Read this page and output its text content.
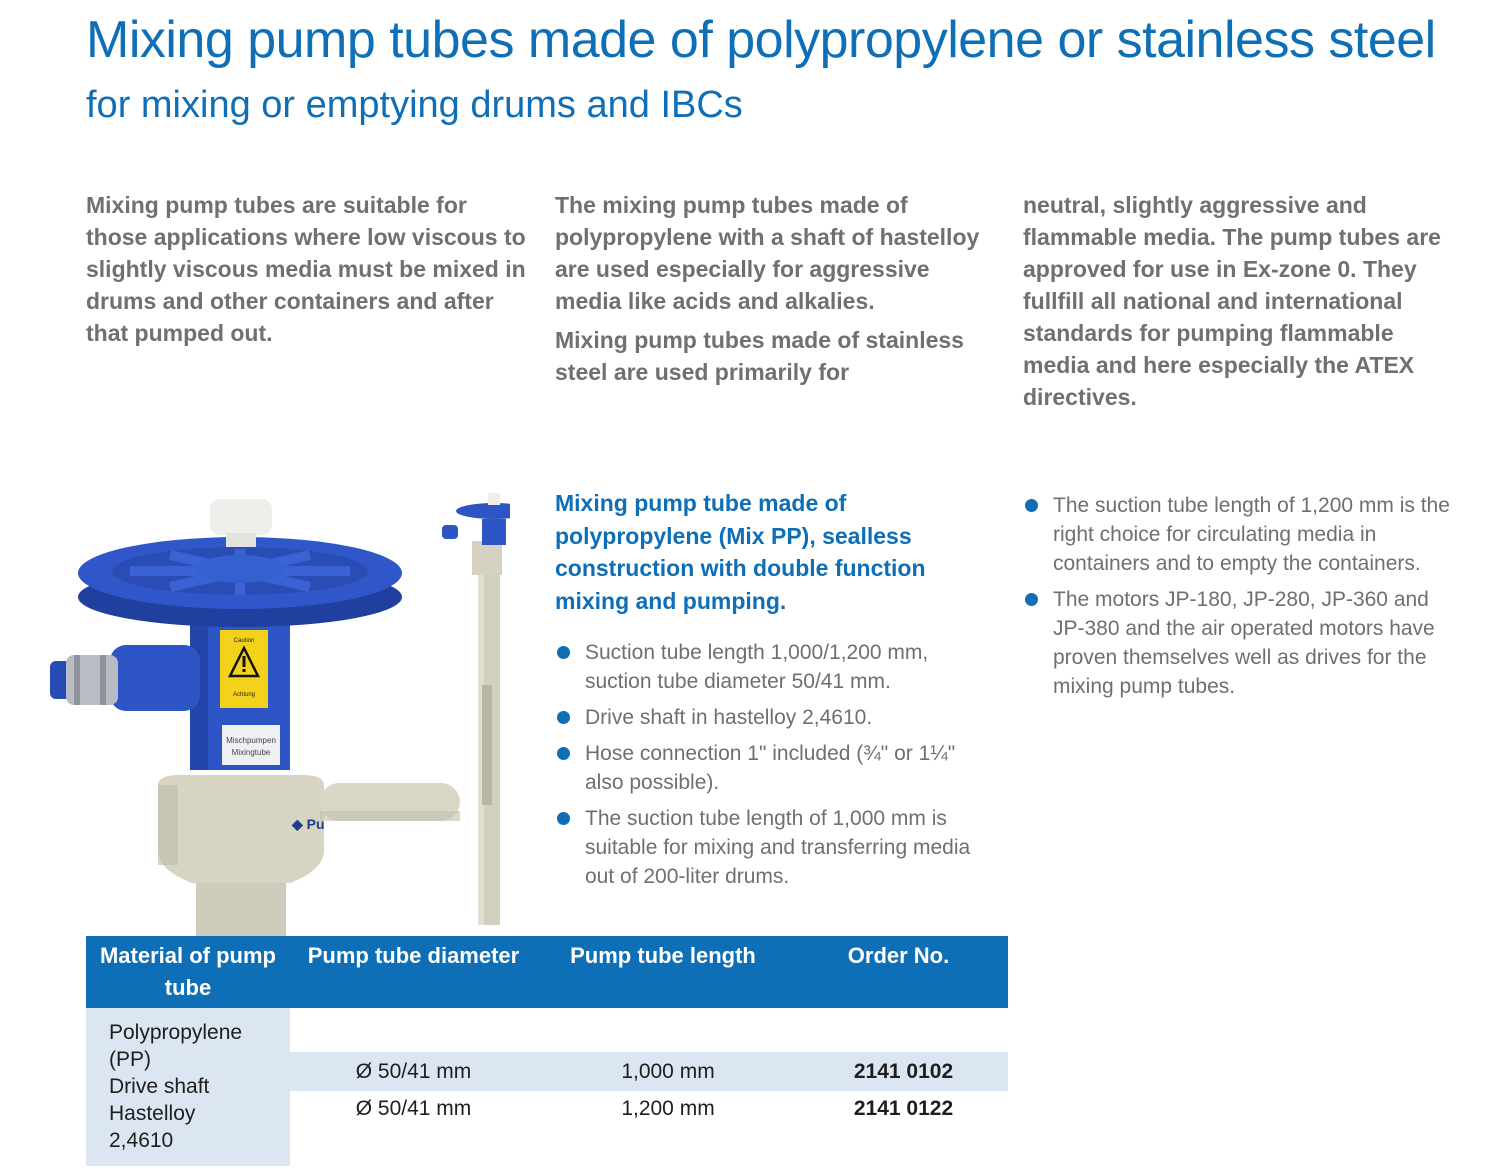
Mixing pump tubes made of polypropylene or stainless steel
for mixing or emptying drums and IBCs

Mixing pump tubes are suitable for those applications where low viscous to slightly viscous media must be mixed in drums and other containers and after that pumped out.

The mixing pump tubes made of polypropylene with a shaft of hastelloy are used especially for aggressive media like acids and alkalies.

Mixing pump tubes made of stainless steel are used primarily for

neutral, slightly aggressive and flammable media. The pump tubes are approved for use in Ex-zone 0. They fullfill all national and international standards for pumping flammable media and here especially the ATEX directives.

◆ Pu
Caution
Achtung
Mischpumpen
Mixingtube
Mixing pump tube made of polypropylene (Mix PP), sealless construction with double function mixing and pumping.
Suction tube length 1,000/1,200 mm, suction tube diameter 50/41 mm.
Drive shaft in hastelloy 2,4610.
Hose connection 1" included (¾" or 1¼" also possible).
The suction tube length of 1,000 mm is suitable for mixing and transferring media out of 200-liter drums.
The suction tube length of 1,200 mm is the right choice for circulating media in containers and to empty the containers.
The motors JP-180, JP-280, JP-360 and JP-380 and the air operated motors have proven themselves well as drives for the mixing pump tubes.
Material of pump tube	Pump tube diameter	Pump tube length	Order No.

Polypropylene
(PP)
Drive shaft
Hastelloy
2,4610			

	Ø 50/41 mm	1,000 mm	2141 0102
	Ø 50/41 mm	1,200 mm	2141 0122
